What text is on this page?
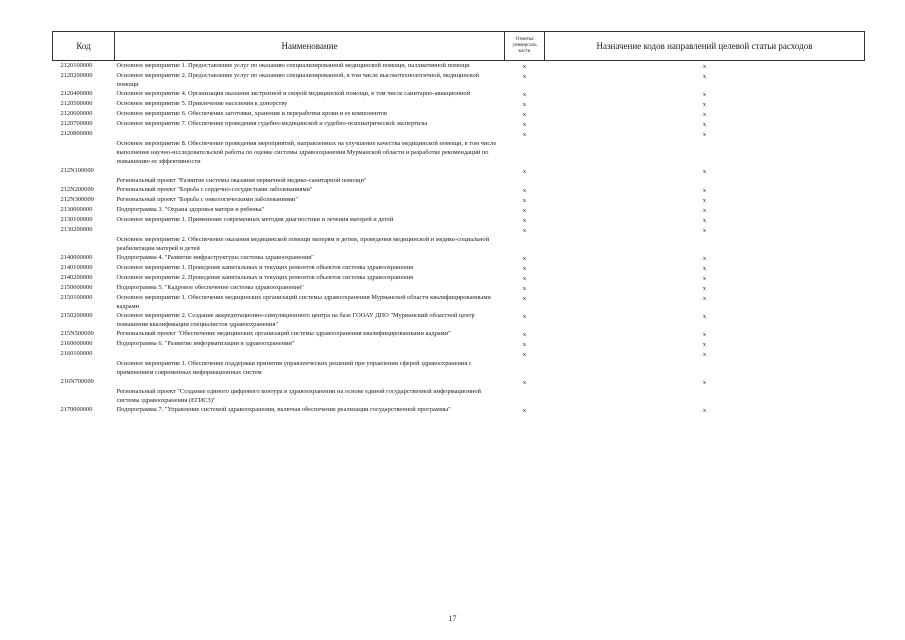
Код	Наименование	Отметка универсаль кости	Назначение кодов направлений целевой статьи расходов
2120100000	Основное мероприятие 1. Предоставление услуг по оказанию специализированной медицинской помощи, паллиативной помощи	x	x
2120200000	Основное мероприятие 2. Предоставление услуг по оказанию специализированной, в том числе высокотехнологичной, медицинской помощи	x	x
2120400000	Основное мероприятие 4. Организация оказания экстренной и скорой медицинской помощи, в том числе санитарно-авиационной	x	x
2120500000	Основное мероприятие 5. Привлечение населения к донорству	x	x
2120600000	Основное мероприятие 6. Обеспечение заготовки, хранения и переработки крови и ее компонентов	x	x
2120700000	Основное мероприятие 7. Обеспечение проведения судебно-медицинской и судебно-психиатрической экспертизы	x	x
2120800000	Основное мероприятие 8. Обеспечение проведения мероприятий, направленных на улучшение качества медицинской помощи, в том числе выполнение научно-исследовательской работы по оценке системы здравоохранения Мурманской области и разработке рекомендаций по повышению ее эффективности	x	x
212N100000	Региональный проект "Развитие системы оказания первичной медико-санитарной помощи"	x	x
212N200000	Региональный проект "Борьба с сердечно-сосудистыми заболеваниями"	x	x
212N300000	Региональный проект "Борьба с онкологическими заболеваниями"	x	x
2130000000	Подпрограмма 3. "Охрана здоровья матери и ребенка"	x	x
2130100000	Основное мероприятие 1. Применение современных методик диагностики и лечения матерей и детей	x	x
2130200000	Основное мероприятие 2. Обеспечение оказания медицинской помощи матерям и детям, проведения медицинской и медико-социальной реабилитации матерей и детей	x	x
2140000000	Подпрограмма 4. "Развитие инфраструктуры системы здравоохранения"	x	x
2140100000	Основное мероприятие 1. Проведение капитальных и текущих ремонтов объектов системы здравоохранения	x	x
2140200000	Основное мероприятие 2. Проведение капитальных и текущих ремонтов объектов системы здравоохранения	x	x
2150000000	Подпрограмма 5. "Кадровое обеспечение системы здравоохранения"	x	x
2150100000	Основное мероприятие 1. Обеспечение медицинских организаций системы здравоохранения Мурманской области квалифицированными кадрами	x	x
2150200000	Основное мероприятие 2. Создание аккредитационно-симуляционного центра на базе ГООАУ ДПО "Мурманский областной центр повышения квалификации специалистов здравоохранения"	x	x
215N500000	Региональный проект "Обеспечение медицинских организаций системы здравоохранения квалифицированными кадрами"	x	x
2160000000	Подпрограмма 6. "Развитие информатизации в здравоохранении"	x	x
2160100000	Основное мероприятие 1. Обеспечение поддержки принятия управленческих решений при управлении сферой здравоохранения с применением современных информационных систем	x	x
216N700000	Региональный проект "Создание единого цифрового контура в здравоохранении на основе единой государственной информационной системы здравоохранения (ЕГИСЗ)"	x	x
2170000000	Подпрограмма 7. "Управление системой здравоохранения, включая обеспечение реализации государственной программы"	x	x
17
